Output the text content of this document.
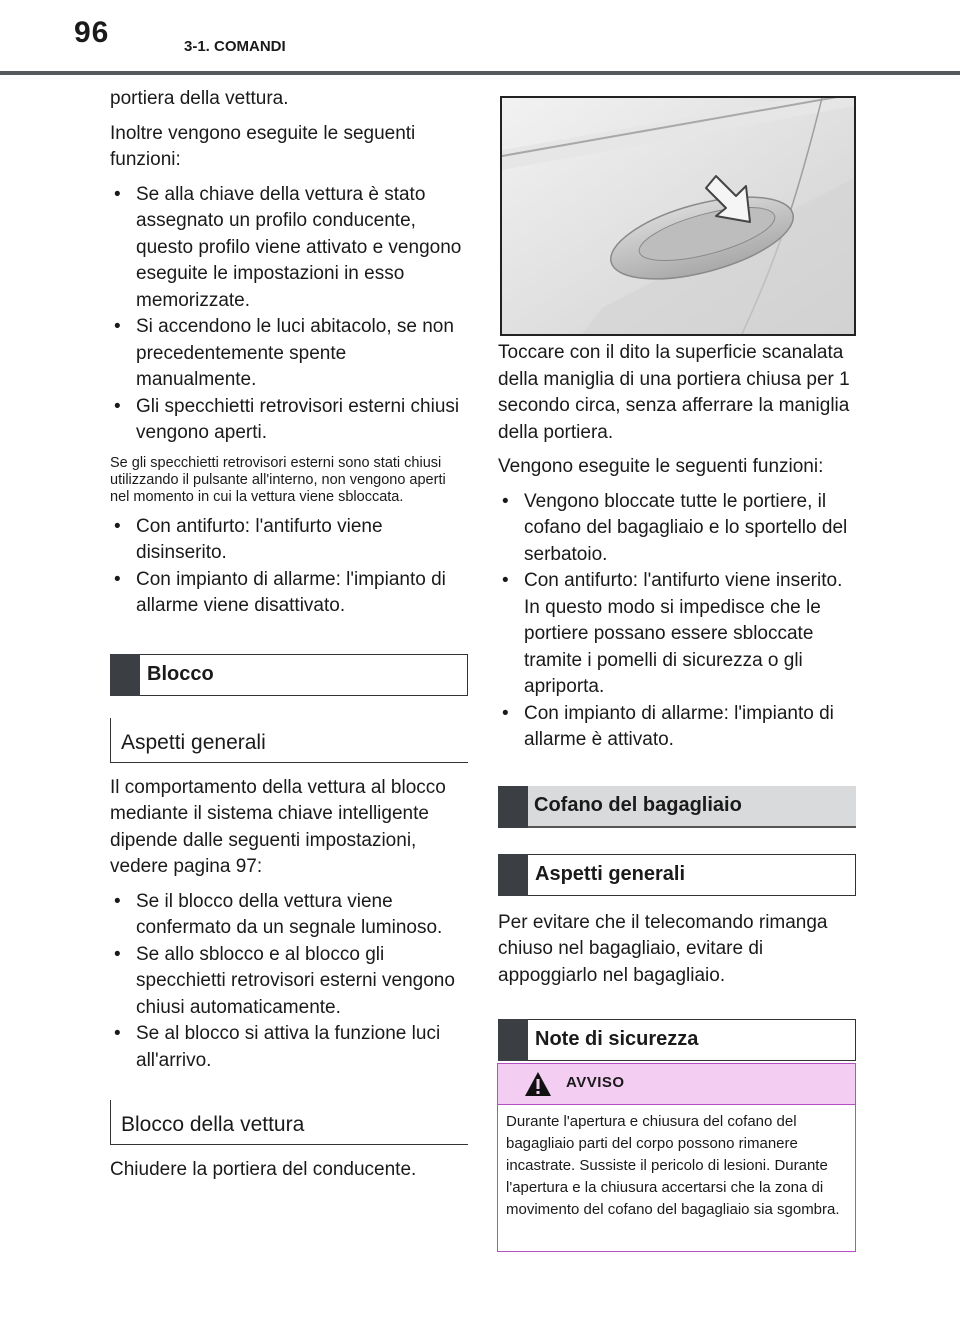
96	3-1. COMANDI

portiera della vettura.

Inoltre vengono eseguite le seguenti funzioni:

• Se alla chiave della vettura è stato assegnato un profilo conducente, questo profilo viene attivato e vengono eseguite le impostazioni in esso memorizzate.
• Si accendono le luci abitacolo, se non precedentemente spente manualmente.
• Gli specchietti retrovisori esterni chiusi vengono aperti.

Se gli specchietti retrovisori esterni sono stati chiusi utilizzando il pulsante all'interno, non vengono aperti nel momento in cui la vettura viene sbloccata.

• Con antifurto: l'antifurto viene disinserito.
• Con impianto di allarme: l'impianto di allarme viene disattivato.
Blocco
Aspetti generali

Il comportamento della vettura al blocco mediante il sistema chiave intelligente dipende dalle seguenti impostazioni, vedere pagina 97:

• Se il blocco della vettura viene confermato da un segnale luminoso.
• Se allo sblocco e al blocco gli specchietti retrovisori esterni vengono chiusi automaticamente.
• Se al blocco si attiva la funzione luci all'arrivo.
Blocco della vettura

Chiudere la portiera del conducente.

Toccare con il dito la superficie scanalata della maniglia di una portiera chiusa per 1 secondo circa, senza afferrare la maniglia della portiera.

Vengono eseguite le seguenti funzioni:

• Vengono bloccate tutte le portiere, il cofano del bagagliaio e lo sportello del serbatoio.
• Con antifurto: l'antifurto viene inserito. In questo modo si impedisce che le portiere possano essere sbloccate tramite i pomelli di sicurezza o gli apriporta.
• Con impianto di allarme: l'impianto di allarme è attivato.
Cofano del bagagliaio
Aspetti generali

Per evitare che il telecomando rimanga chiuso nel bagagliaio, evitare di appoggiarlo nel bagagliaio.

Note di sicurezza
AVVISO
Durante l'apertura e chiusura del cofano del bagagliaio parti del corpo possono rimanere incastrate. Sussiste il pericolo di lesioni. Durante l'apertura e la chiusura accertarsi che la zona di movimento del cofano del bagagliaio sia sgombra.
